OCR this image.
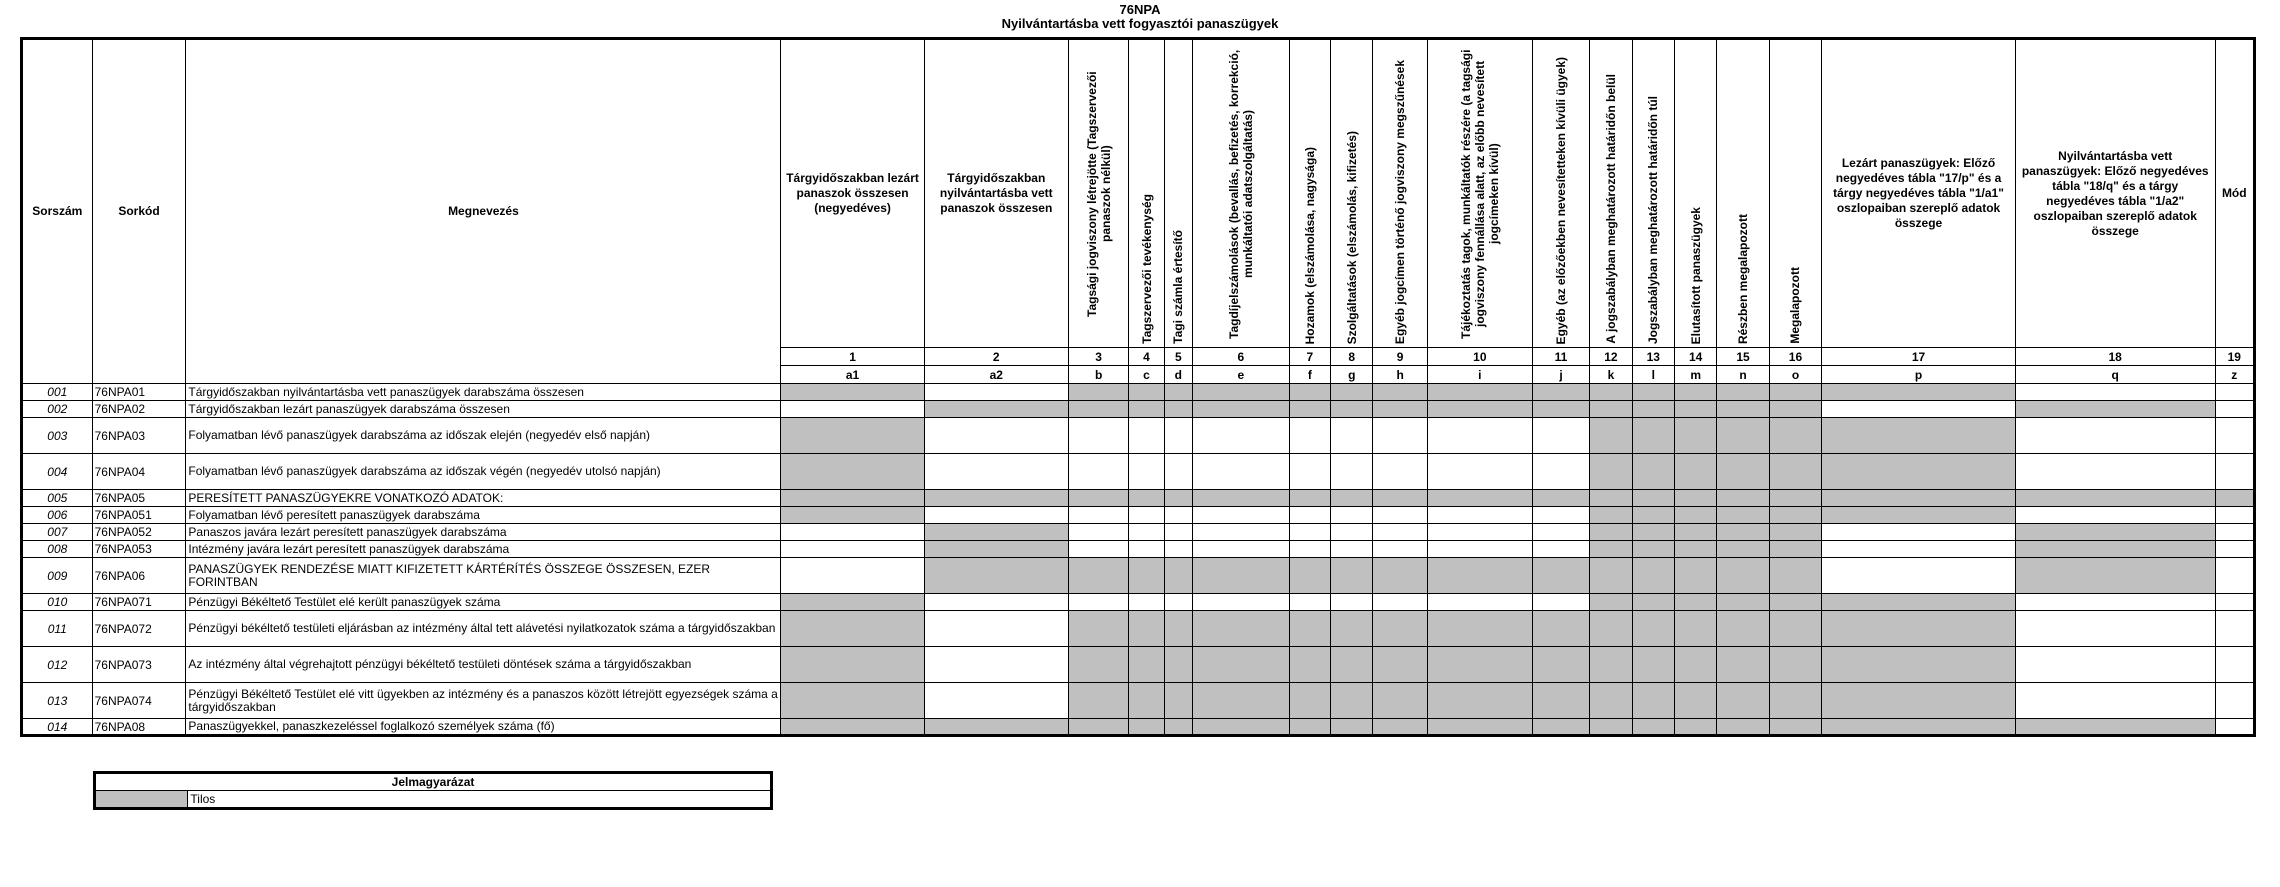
76NPA
Nyilvántartásba vett fogyasztói panaszügyek
Sorszám	Sorkód	Megnevezés	Tárgyidőszakban lezárt panaszok összesen (negyedéves)	Tárgyidőszakban nyilvántartásba vett panaszok összesen	Tagsági jogviszony létrejötte (Tagszervezői panaszok nélkül)	Tagszervezői tevékenység	Tagi számla értesítő	Tagdíjelszámolások (bevallás, befizetés, korrekció, munkáltatói adatszolgáltatás)	Hozamok (elszámolása, nagysága)	Szolgáltatások (elszámolás, kifizetés)	Egyéb jogcímen történő jogviszony megszűnések	Tájékoztatás tagok, munkáltatók részére (a tagsági jogviszony fennállása alatt, az előbb nevesített jogcímeken kívül)	Egyéb (az előzőekben nevesítetteken kívüli ügyek)	A jogszabályban meghatározott határidőn belül	Jogszabályban meghatározott határidőn túl	Elutasított panaszügyek	Részben megalapozott	Megalapozott	Lezárt panaszügyek: Előző negyedéves tábla "17/p" és a tárgy negyedéves tábla "1/a1" oszlopaiban szereplő adatok összege	Nyilvántartásba vett panaszügyek: Előző negyedéves tábla "18/q" és a tárgy negyedéves tábla "1/a2" oszlopaiban szereplő adatok összege	Mód
			1	2	3	4	5	6	7	8	9	10	11	12	13	14	15	16	17	18	19
			a1	a2	b	c	d	e	f	g	h	i	j	k	l	m	n	o	p	q	z
001	76NPA01	Tárgyidőszakban nyilvántartásba vett panaszügyek darabszáma összesen																			
002	76NPA02	Tárgyidőszakban lezárt panaszügyek darabszáma összesen																			
003	76NPA03	Folyamatban lévő panaszügyek darabszáma az időszak elején (negyedév első napján)																			
004	76NPA04	Folyamatban lévő panaszügyek darabszáma az időszak végén (negyedév utolsó napján)																			
005	76NPA05	PERESÍTETT PANASZÜGYEKRE VONATKOZÓ ADATOK:																			
006	76NPA051	Folyamatban lévő peresített panaszügyek darabszáma																			
007	76NPA052	Panaszos javára lezárt peresített panaszügyek darabszáma																			
008	76NPA053	Intézmény javára lezárt peresített panaszügyek darabszáma																			
009	76NPA06	PANASZÜGYEK RENDEZÉSE MIATT KIFIZETETT KÁRTÉRÍTÉS ÖSSZEGE ÖSSZESEN, EZER FORINTBAN																			
010	76NPA071	Pénzügyi Békéltető Testület elé került panaszügyek száma																			
011	76NPA072	Pénzügyi békéltető testületi eljárásban az intézmény által tett alávetési nyilatkozatok száma a tárgyidőszakban																			
012	76NPA073	Az intézmény által végrehajtott pénzügyi békéltető testületi döntések száma a tárgyidőszakban																			
013	76NPA074	Pénzügyi Békéltető Testület elé vitt ügyekben az intézmény és a panaszos között létrejött egyezségek száma a tárgyidőszakban																			
014	76NPA08	Panaszügyekkel, panaszkezeléssel foglalkozó személyek száma (fő)																			
Jelmagyarázat
	Tilos
